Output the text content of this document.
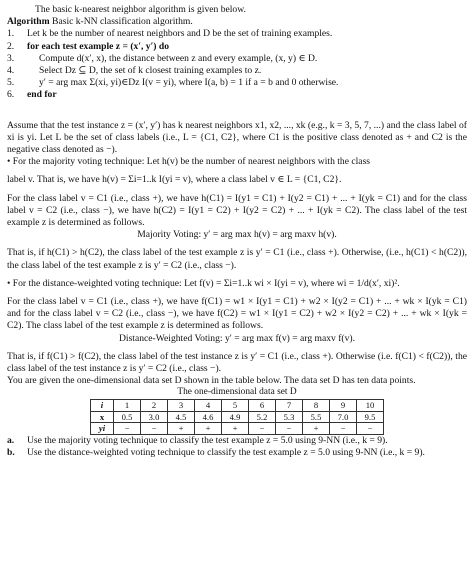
The basic k-nearest neighbor algorithm is given below.
Algorithm Basic k-NN classification algorithm.
1.	Let k be the number of nearest neighbors and D be the set of training examples.
2.	for each test example z = (x′, y′) do
3.	Compute d(x′, x), the distance between z and every example, (x, y) ∈ D.
4.	Select Dz ⊆ D, the set of k closest training examples to z.
5.	y′ = arg max Σ(xi, yi)∈Dz I(v = yi), where I(a, b) = 1 if a = b and 0 otherwise.
6.	end for
Assume that the test instance z = (x′, y′) has k nearest neighbors x1, x2, ..., xk (e.g., k = 3, 5, 7, ...) and the class label of xi is yi. Let L be the set of class labels (i.e., L = {C1, C2}, where C1 is the positive class denoted as + and C2 is the negative class denoted as −).
• For the majority voting technique: Let h(v) be the number of nearest neighbors with the class
label v. That is, we have h(v) = Σi=1..k I(yi = v), where a class label v ∈ L = {C1, C2}.
For the class label v = C1 (i.e., class +), we have h(C1) = I(y1 = C1) + I(y2 = C1) + ... + I(yk = C1) and for the class label v = C2 (i.e., class −), we have h(C2) = I(y1 = C2) + I(y2 = C2) + ... + I(yk = C2). The class label of the test example z is determined as follows.
Majority Voting: y′ = arg max h(v) = arg maxv h(v).
That is, if h(C1) > h(C2), the class label of the test example z is y′ = C1 (i.e., class +). Otherwise, (i.e., h(C1) < h(C2)), the class label of the test example z is y′ = C2 (i.e., class −).
• For the distance-weighted voting technique: Let f(v) = Σi=1..k wi × I(yi = v), where wi = 1/d(x′, xi)².
For the class label v = C1 (i.e., class +), we have f(C1) = w1 × I(y1 = C1) + w2 × I(y2 = C1) + ... + wk × I(yk = C1) and for the class label v = C2 (i.e., class −), we have f(C2) = w1 × I(y1 = C2) + w2 × I(y2 = C2) + ... + wk × I(yk = C2). The class label of the test example z is determined as follows.
Distance-Weighted Voting: y′ = arg max f(v) = arg maxv f(v).
That is, if f(C1) > f(C2), the class label of the test instance z is y′ = C1 (i.e., class +). Otherwise (i.e. f(C1) < f(C2)), the class label of the test instance z is y′ = C2 (i.e., class −).
You are given the one-dimensional data set D shown in the table below. The data set D has ten data points.
The one-dimensional data set D
i	1	2	3	4	5	6	7	8	9	10
x	0.5	3.0	4.5	4.6	4.9	5.2	5.3	5.5	7.0	9.5
yi	−	−	+	+	+	−	−	+	−	−
a.	Use the majority voting technique to classify the test example z = 5.0 using 9-NN (i.e., k = 9).
b.	Use the distance-weighted voting technique to classify the test example z = 5.0 using 9-NN (i.e., k = 9).
